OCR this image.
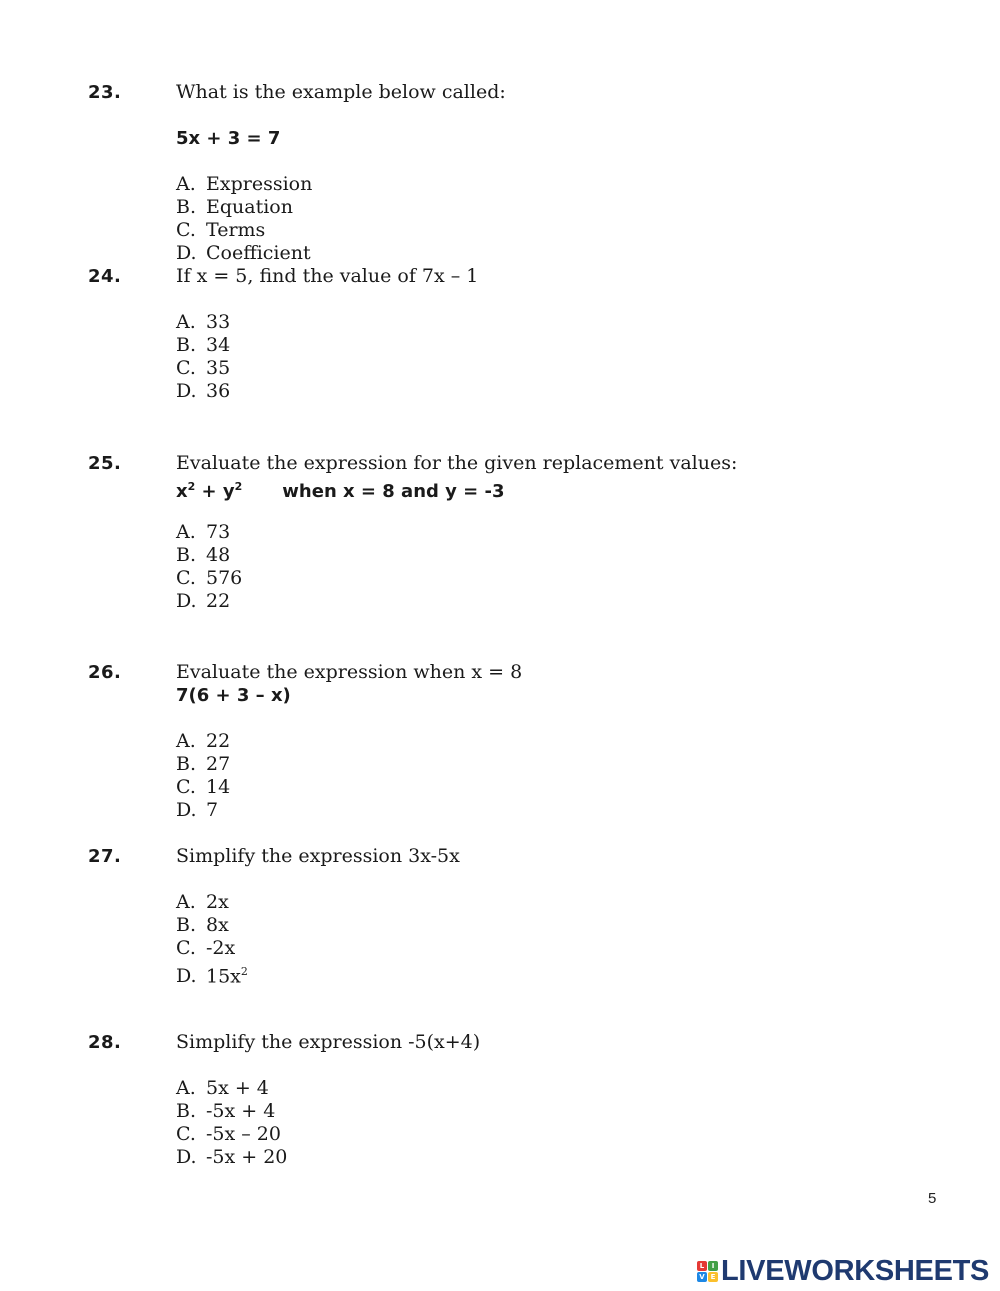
23.	What is the example below called:
5x + 3 = 7
A. Expression
B. Equation
C. Terms
D. Coefficient
24.	If x = 5, find the value of 7x – 1
A. 33
B. 34
C. 35
D. 36
25.	Evaluate the expression for the given replacement values:
$x^2 + y^2$ when x = 8 and y = -3
A. 73
B. 48
C. 576
D. 22
26.	Evaluate the expression when x = 8
7(6 + 3 – x)
A. 22
B. 27
C. 14
D. 7
27.	Simplify the expression 3x-5x
A. 2x
B. 8x
C. -2x
D. $15x^2$
28.	Simplify the expression -5(x+4)
A. 5x + 4
B. -5x + 4
C. -5x – 20
D. -5x + 20
5
L	I
V E LIVEWORKSHEETS
